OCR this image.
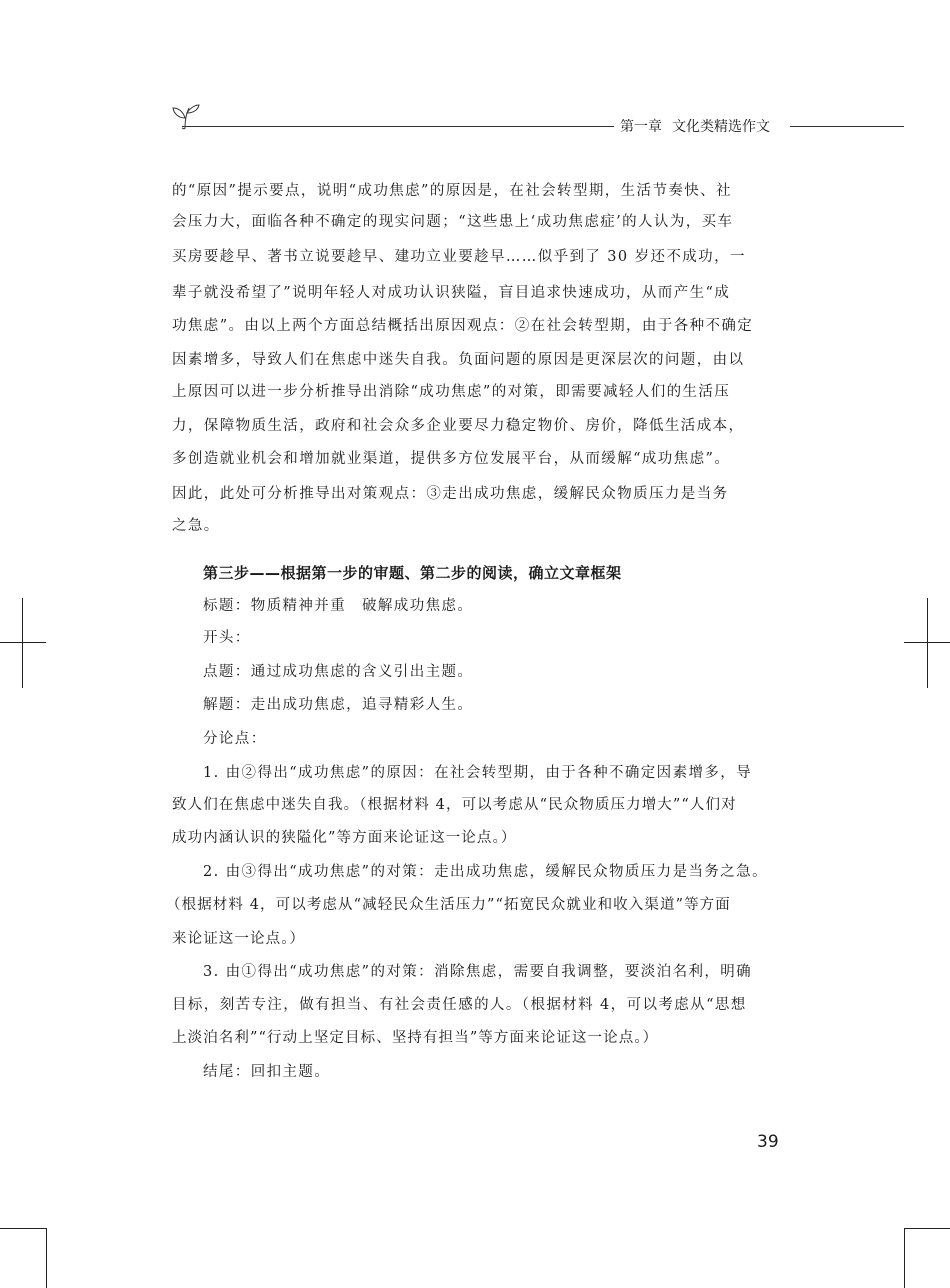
第一章 文化类精选作文
的“原因”提示要点，说明“成功焦虑”的原因是，在社会转型期，生活节奏快、社
会压力大，面临各种不确定的现实问题；“这些患上‘成功焦虑症’的人认为，买车
买房要趁早、著书立说要趁早、建功立业要趁早……似乎到了 30 岁还不成功，一
辈子就没希望了”说明年轻人对成功认识狭隘，盲目追求快速成功，从而产生“成
功焦虑”。由以上两个方面总结概括出原因观点：②在社会转型期，由于各种不确定
因素增多，导致人们在焦虑中迷失自我。负面问题的原因是更深层次的问题，由以
上原因可以进一步分析推导出消除“成功焦虑”的对策，即需要减轻人们的生活压
力，保障物质生活，政府和社会众多企业要尽力稳定物价、房价，降低生活成本，
多创造就业机会和增加就业渠道，提供多方位发展平台，从而缓解“成功焦虑”。
因此，此处可分析推导出对策观点：③走出成功焦虑，缓解民众物质压力是当务
之急。
第三步——根据第一步的审题、第二步的阅读，确立文章框架
标题：物质精神并重　破解成功焦虑。
开头：
点题：通过成功焦虑的含义引出主题。
解题：走出成功焦虑，追寻精彩人生。
分论点：
1. 由②得出“成功焦虑”的原因：在社会转型期，由于各种不确定因素增多，导
致人们在焦虑中迷失自我。（根据材料 4，可以考虑从“民众物质压力增大”“人们对
成功内涵认识的狭隘化”等方面来论证这一论点。）
2. 由③得出“成功焦虑”的对策：走出成功焦虑，缓解民众物质压力是当务之急。
（根据材料 4，可以考虑从“减轻民众生活压力”“拓宽民众就业和收入渠道”等方面
来论证这一论点。）
3. 由①得出“成功焦虑”的对策：消除焦虑，需要自我调整，要淡泊名利，明确
目标，刻苦专注，做有担当、有社会责任感的人。（根据材料 4，可以考虑从“思想
上淡泊名利”“行动上坚定目标、坚持有担当”等方面来论证这一论点。）
结尾：回扣主题。
39
